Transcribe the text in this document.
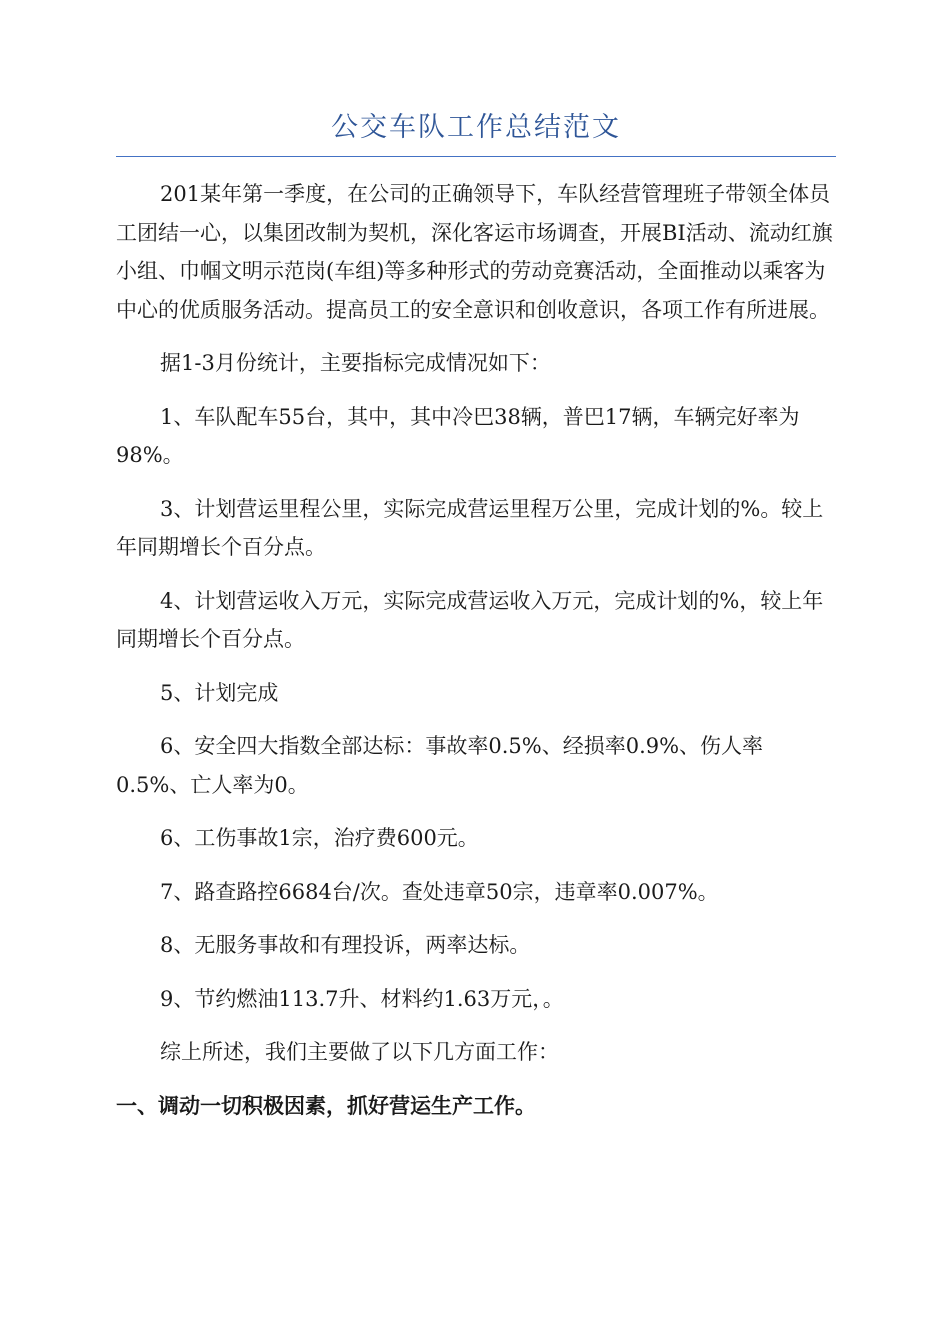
公交车队工作总结范文

201某年第一季度，在公司的正确领导下，车队经营管理班子带领全体员工团结一心，以集团改制为契机，深化客运市场调查，开展BI活动、流动红旗小组、巾帼文明示范岗(车组)等多种形式的劳动竞赛活动，全面推动以乘客为中心的优质服务活动。提高员工的安全意识和创收意识，各项工作有所进展。

据1-3月份统计，主要指标完成情况如下：

1、车队配车55台，其中，其中冷巴38辆，普巴17辆，车辆完好率为98%。

3、计划营运里程公里，实际完成营运里程万公里，完成计划的%。较上年同期增长个百分点。

4、计划营运收入万元，实际完成营运收入万元，完成计划的%，较上年同期增长个百分点。

5、计划完成

6、安全四大指数全部达标：事故率0.5%、经损率0.9%、伤人率0.5%、亡人率为0。

6、工伤事故1宗，治疗费600元。

7、路查路控6684台/次。查处违章50宗，违章率0.007%。

8、无服务事故和有理投诉，两率达标。

9、节约燃油113.7升、材料约1.63万元，。

综上所述，我们主要做了以下几方面工作：

一、调动一切积极因素，抓好营运生产工作。
